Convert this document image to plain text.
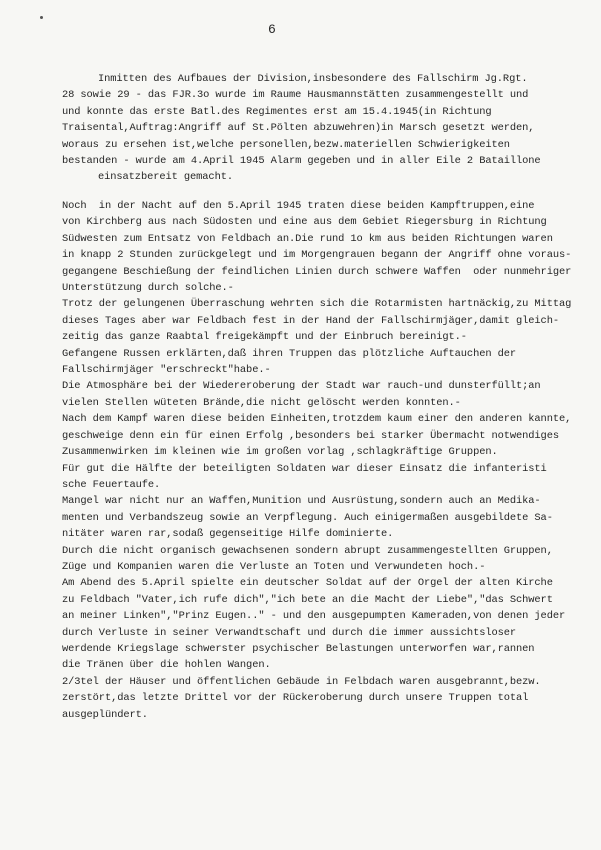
6
Inmitten des Aufbaues der Division,insbesondere des Fallschirm Jg.Rgt.
28 sowie 29 - das FJR.3o wurde im Raume Hausmannstätten zusammengestellt und
und konnte das erste Batl.des Regimentes erst am 15.4.1945(in Richtung
Traisental,Auftrag:Angriff auf St.Pölten abzuwehren)in Marsch gesetzt werden,
woraus zu ersehen ist,welche personellen,bezw.materiellen Schwierigkeiten
bestanden - wurde am 4.April 1945 Alarm gegeben und in aller Eile 2 Bataillone
einsatzbereit gemacht.
Noch  in der Nacht auf den 5.April 1945 traten diese beiden Kampftruppen,eine
von Kirchberg aus nach Südosten und eine aus dem Gebiet Riegersburg in Richtung
Südwesten zum Entsatz von Feldbach an.Die rund 1o km aus beiden Richtungen waren
in knapp 2 Stunden zurückgelegt und im Morgengrauen begann der Angriff ohne voraus-
gegangene Beschießung der feindlichen Linien durch schwere Waffen  oder nunmehriger
Unterstützung durch solche.-
Trotz der gelungenen Überraschung wehrten sich die Rotarmisten hartnäckig,zu Mittag
dieses Tages aber war Feldbach fest in der Hand der Fallschirmjäger,damit gleich-
zeitig das ganze Raabtal freigekämpft und der Einbruch bereinigt.-
Gefangene Russen erklärten,daß ihren Truppen das plötzliche Auftauchen der
Fallschirmjäger "erschreckt"habe.-
Die Atmosphäre bei der Wiedereroberung der Stadt war rauch-und dunsterfüllt;an
vielen Stellen wüteten Brände,die nicht gelöscht werden konnten.-
Nach dem Kampf waren diese beiden Einheiten,trotzdem kaum einer den anderen kannte,
geschweige denn ein für einen Erfolg ,besonders bei starker Übermacht notwendiges
Zusammenwirken im kleinen wie im großen vorlag ,schlagkräftige Gruppen.
Für gut die Hälfte der beteiligten Soldaten war dieser Einsatz die infanteristi
sche Feuertaufe.
Mangel war nicht nur an Waffen,Munition und Ausrüstung,sondern auch an Medika-
menten und Verbandszeug sowie an Verpflegung. Auch einigermaßen ausgebildete Sa-
nitäter waren rar,sodaß gegenseitige Hilfe dominierte.
Durch die nicht organisch gewachsenen sondern abrupt zusammengestellten Gruppen,
Züge und Kompanien waren die Verluste an Toten und Verwundeten hoch.-
Am Abend des 5.April spielte ein deutscher Soldat auf der Orgel der alten Kirche
zu Feldbach "Vater,ich rufe dich","ich bete an die Macht der Liebe","das Schwert
an meiner Linken","Prinz Eugen.." - und den ausgepumpten Kameraden,von denen jeder
durch Verluste in seiner Verwandtschaft und durch die immer aussichtsloser
werdende Kriegslage schwerster psychischer Belastungen unterworfen war,rannen
die Tränen über die hohlen Wangen.
2/3tel der Häuser und öffentlichen Gebäude in Felbdach waren ausgebrannt,bezw.
zerstört,das letzte Drittel vor der Rückeroberung durch unsere Truppen total
ausgeplündert.
